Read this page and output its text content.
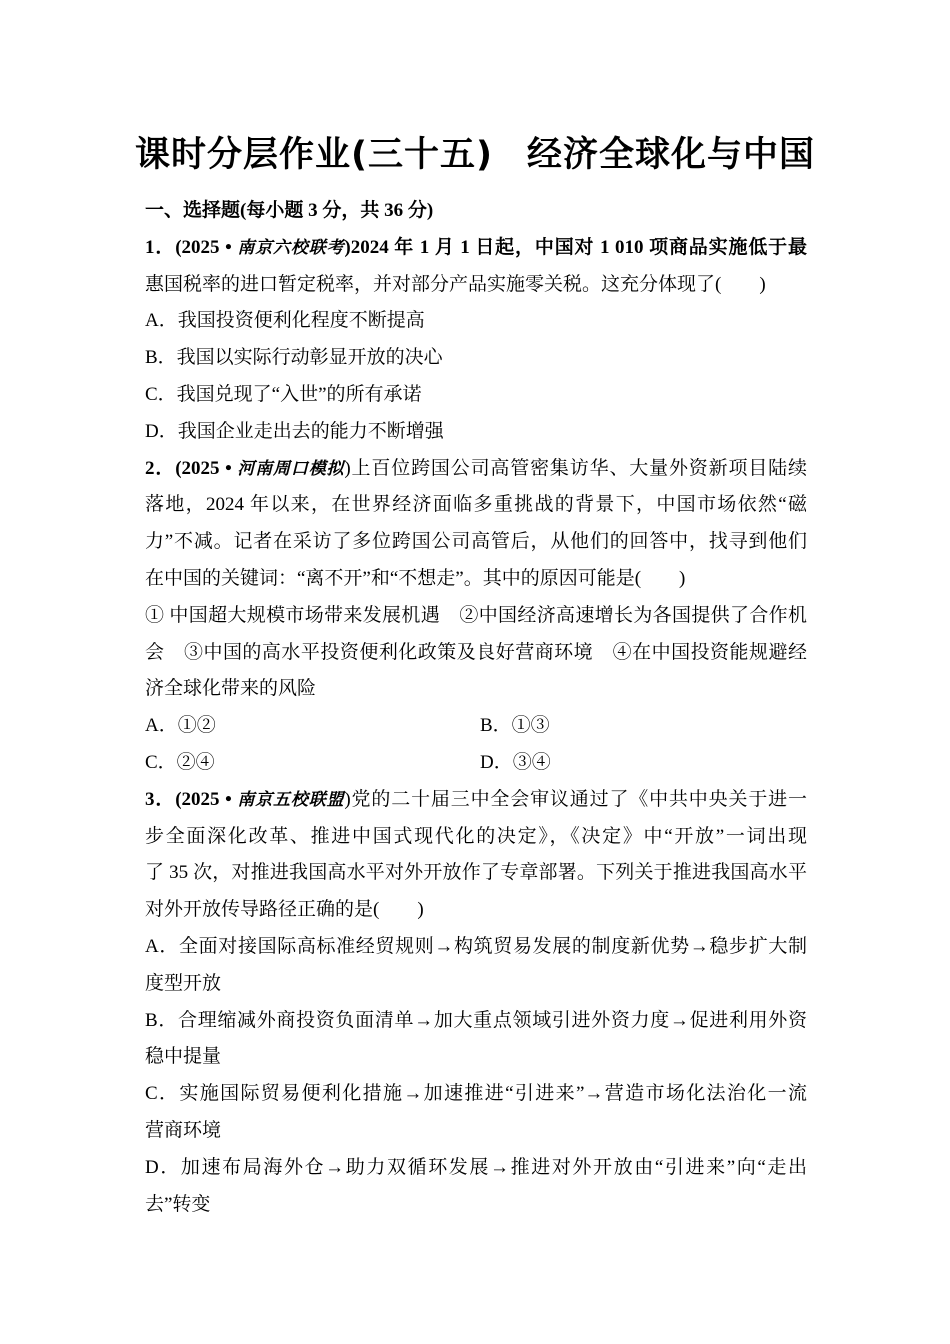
课时分层作业(三十五) 经济全球化与中国
一、选择题(每小题 3 分，共 36 分)
1．(2025 • 南京六校联考)2024 年 1 月 1 日起，中国对 1 010 项商品实施低于最
惠国税率的进口暂定税率，并对部分产品实施零关税。这充分体现了(　　)
A．我国投资便利化程度不断提高
B．我国以实际行动彰显开放的决心
C．我国兑现了“入世”的所有承诺
D．我国企业走出去的能力不断增强
2．(2025 • 河南周口模拟)上百位跨国公司高管密集访华、大量外资新项目陆续
落地，2024 年以来，在世界经济面临多重挑战的背景下，中国市场依然“磁
力”不减。记者在采访了多位跨国公司高管后，从他们的回答中，找寻到他们
在中国的关键词：“离不开”和“不想走”。其中的原因可能是(　　)
① 中国超大规模市场带来发展机遇　②中国经济高速增长为各国提供了合作机
会　③中国的高水平投资便利化政策及良好营商环境　④在中国投资能规避经
济全球化带来的风险
A．①②	B．①③
C．②④	D．③④
3．(2025 • 南京五校联盟)党的二十届三中全会审议通过了《中共中央关于进一
步全面深化改革、推进中国式现代化的决定》，《决定》中“开放”一词出现
了 35 次，对推进我国高水平对外开放作了专章部署。下列关于推进我国高水平
对外开放传导路径正确的是(　　)
A．全面对接国际高标准经贸规则→构筑贸易发展的制度新优势→稳步扩大制
度型开放
B．合理缩减外商投资负面清单→加大重点领域引进外资力度→促进利用外资
稳中提量
C．实施国际贸易便利化措施→加速推进“引进来”→营造市场化法治化一流
营商环境
D．加速布局海外仓→助力双循环发展→推进对外开放由“引进来”向“走出
去”转变
